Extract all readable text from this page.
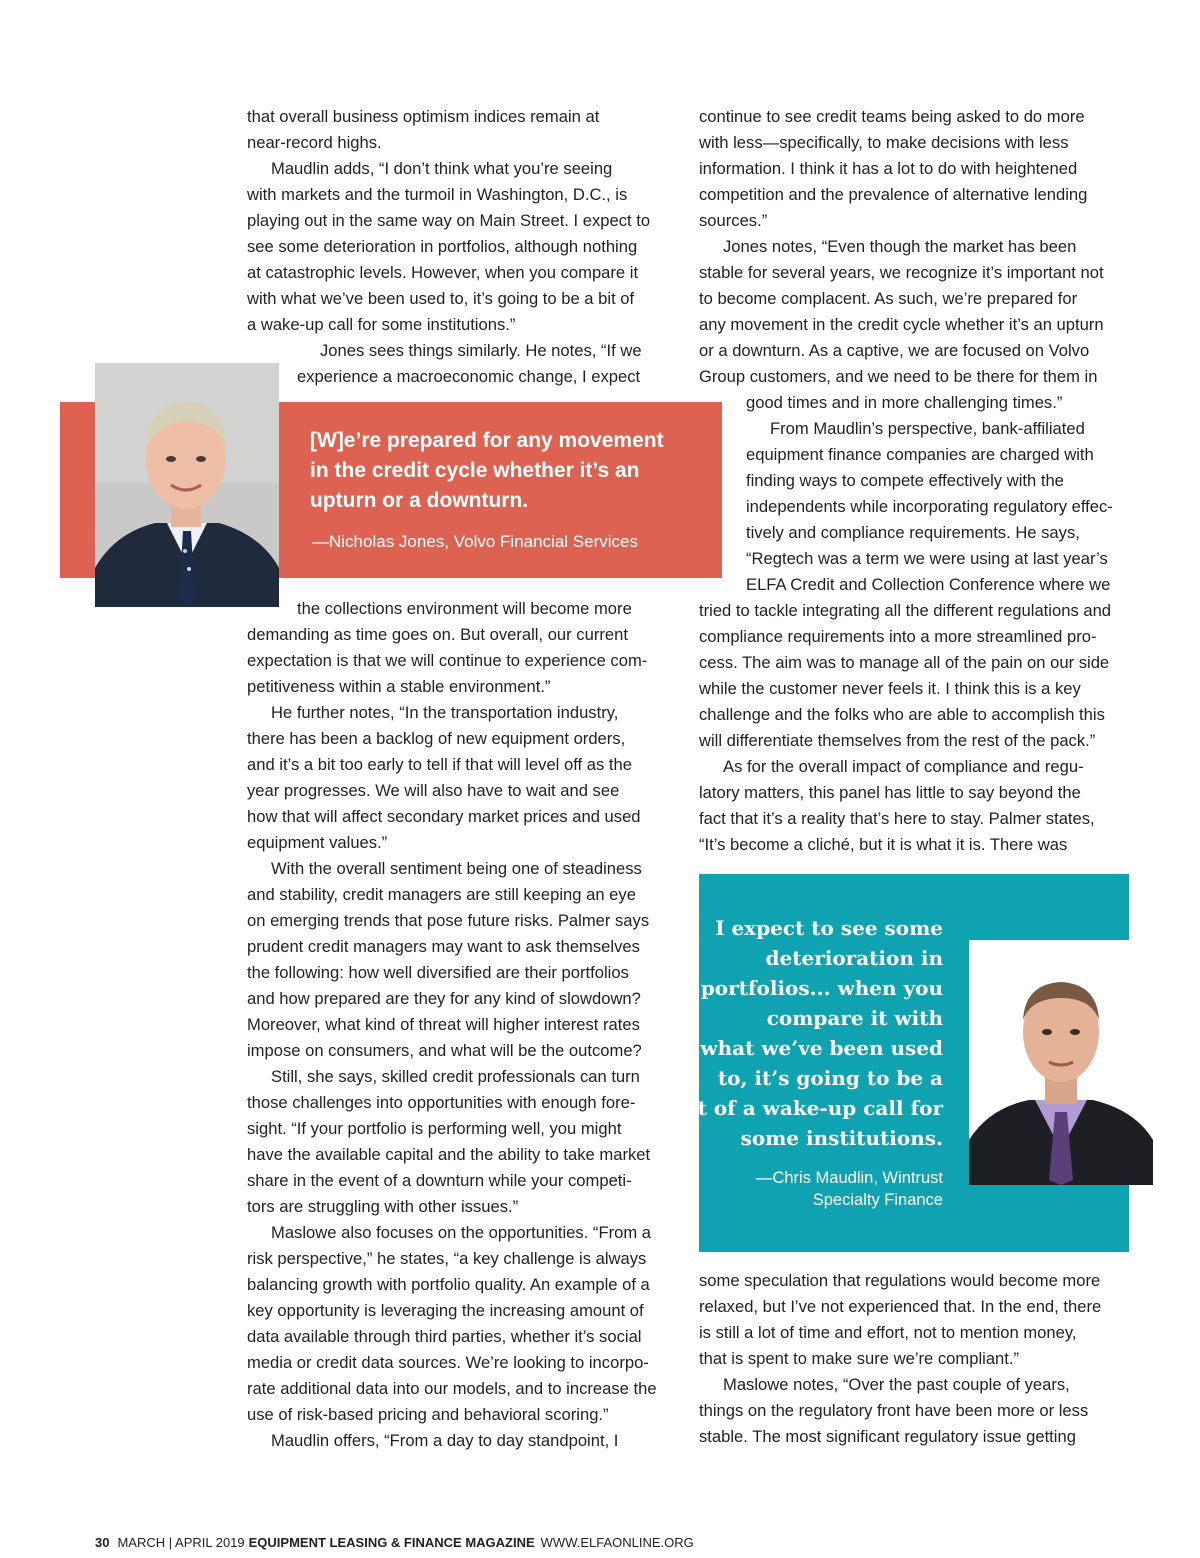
[W]e’re prepared for any movement

in the credit cycle whether it’s an

upturn or a downturn.

—Nicholas Jones, Volvo Financial Services

I expect to see some

deterioration in

portfolios... when you

compare it with

what we’ve been used

to, it’s going to be a

bit of a wake-up call for

some institutions.

—Chris Maudlin, Wintrust

Specialty Finance

that overall business optimism indices remain at

near-record highs.

Maudlin adds, “I don’t think what you’re seeing

with markets and the turmoil in Washington, D.C., is

playing out in the same way on Main Street. I expect to

see some deterioration in portfolios, although nothing

at catastrophic levels. However, when you compare it

with what we’ve been used to, it’s going to be a bit of

a wake-up call for some institutions.”

Jones sees things similarly. He notes, “If we

experience a macroeconomic change, I expect

the collections environment will become more

demanding as time goes on. But overall, our current

expectation is that we will continue to experience com-

petitiveness within a stable environment.”

He further notes, “In the transportation industry,

there has been a backlog of new equipment orders,

and it’s a bit too early to tell if that will level off as the

year progresses. We will also have to wait and see

how that will affect secondary market prices and used

equipment values.”

With the overall sentiment being one of steadiness

and stability, credit managers are still keeping an eye

on emerging trends that pose future risks. Palmer says

prudent credit managers may want to ask themselves

the following: how well diversified are their portfolios

and how prepared are they for any kind of slowdown?

Moreover, what kind of threat will higher interest rates

impose on consumers, and what will be the outcome?

Still, she says, skilled credit professionals can turn

those challenges into opportunities with enough fore-

sight. “If your portfolio is performing well, you might

have the available capital and the ability to take market

share in the event of a downturn while your competi-

tors are struggling with other issues.”

Maslowe also focuses on the opportunities. “From a

risk perspective,” he states, “a key challenge is always

balancing growth with portfolio quality. An example of a

key opportunity is leveraging the increasing amount of

data available through third parties, whether it’s social

media or credit data sources. We’re looking to incorpo-

rate additional data into our models, and to increase the

use of risk-based pricing and behavioral scoring.”

Maudlin offers, “From a day to day standpoint, I

continue to see credit teams being asked to do more

with less—specifically, to make decisions with less

information. I think it has a lot to do with heightened

competition and the prevalence of alternative lending

sources.”

Jones notes, “Even though the market has been

stable for several years, we recognize it’s important not

to become complacent. As such, we’re prepared for

any movement in the credit cycle whether it’s an upturn

or a downturn. As a captive, we are focused on Volvo

Group customers, and we need to be there for them in

good times and in more challenging times.”

From Maudlin’s perspective, bank-affiliated

equipment finance companies are charged with

finding ways to compete effectively with the

independents while incorporating regulatory effec-

tively and compliance requirements. He says,

“Regtech was a term we were using at last year’s

ELFA Credit and Collection Conference where we

tried to tackle integrating all the different regulations and

compliance requirements into a more streamlined pro-

cess. The aim was to manage all of the pain on our side

while the customer never feels it. I think this is a key

challenge and the folks who are able to accomplish this

will differentiate themselves from the rest of the pack.”

As for the overall impact of compliance and regu-

latory matters, this panel has little to say beyond the

fact that it’s a reality that’s here to stay. Palmer states,

“It’s become a cliché, but it is what it is. There was

some speculation that regulations would become more

relaxed, but I’ve not experienced that. In the end, there

is still a lot of time and effort, not to mention money,

that is spent to make sure we’re compliant.”

Maslowe notes, “Over the past couple of years,

things on the regulatory front have been more or less

stable. The most significant regulatory issue getting

30 MARCH | APRIL 2019 EQUIPMENT LEASING & FINANCE MAGAZINE WWW.ELFAONLINE.ORG
